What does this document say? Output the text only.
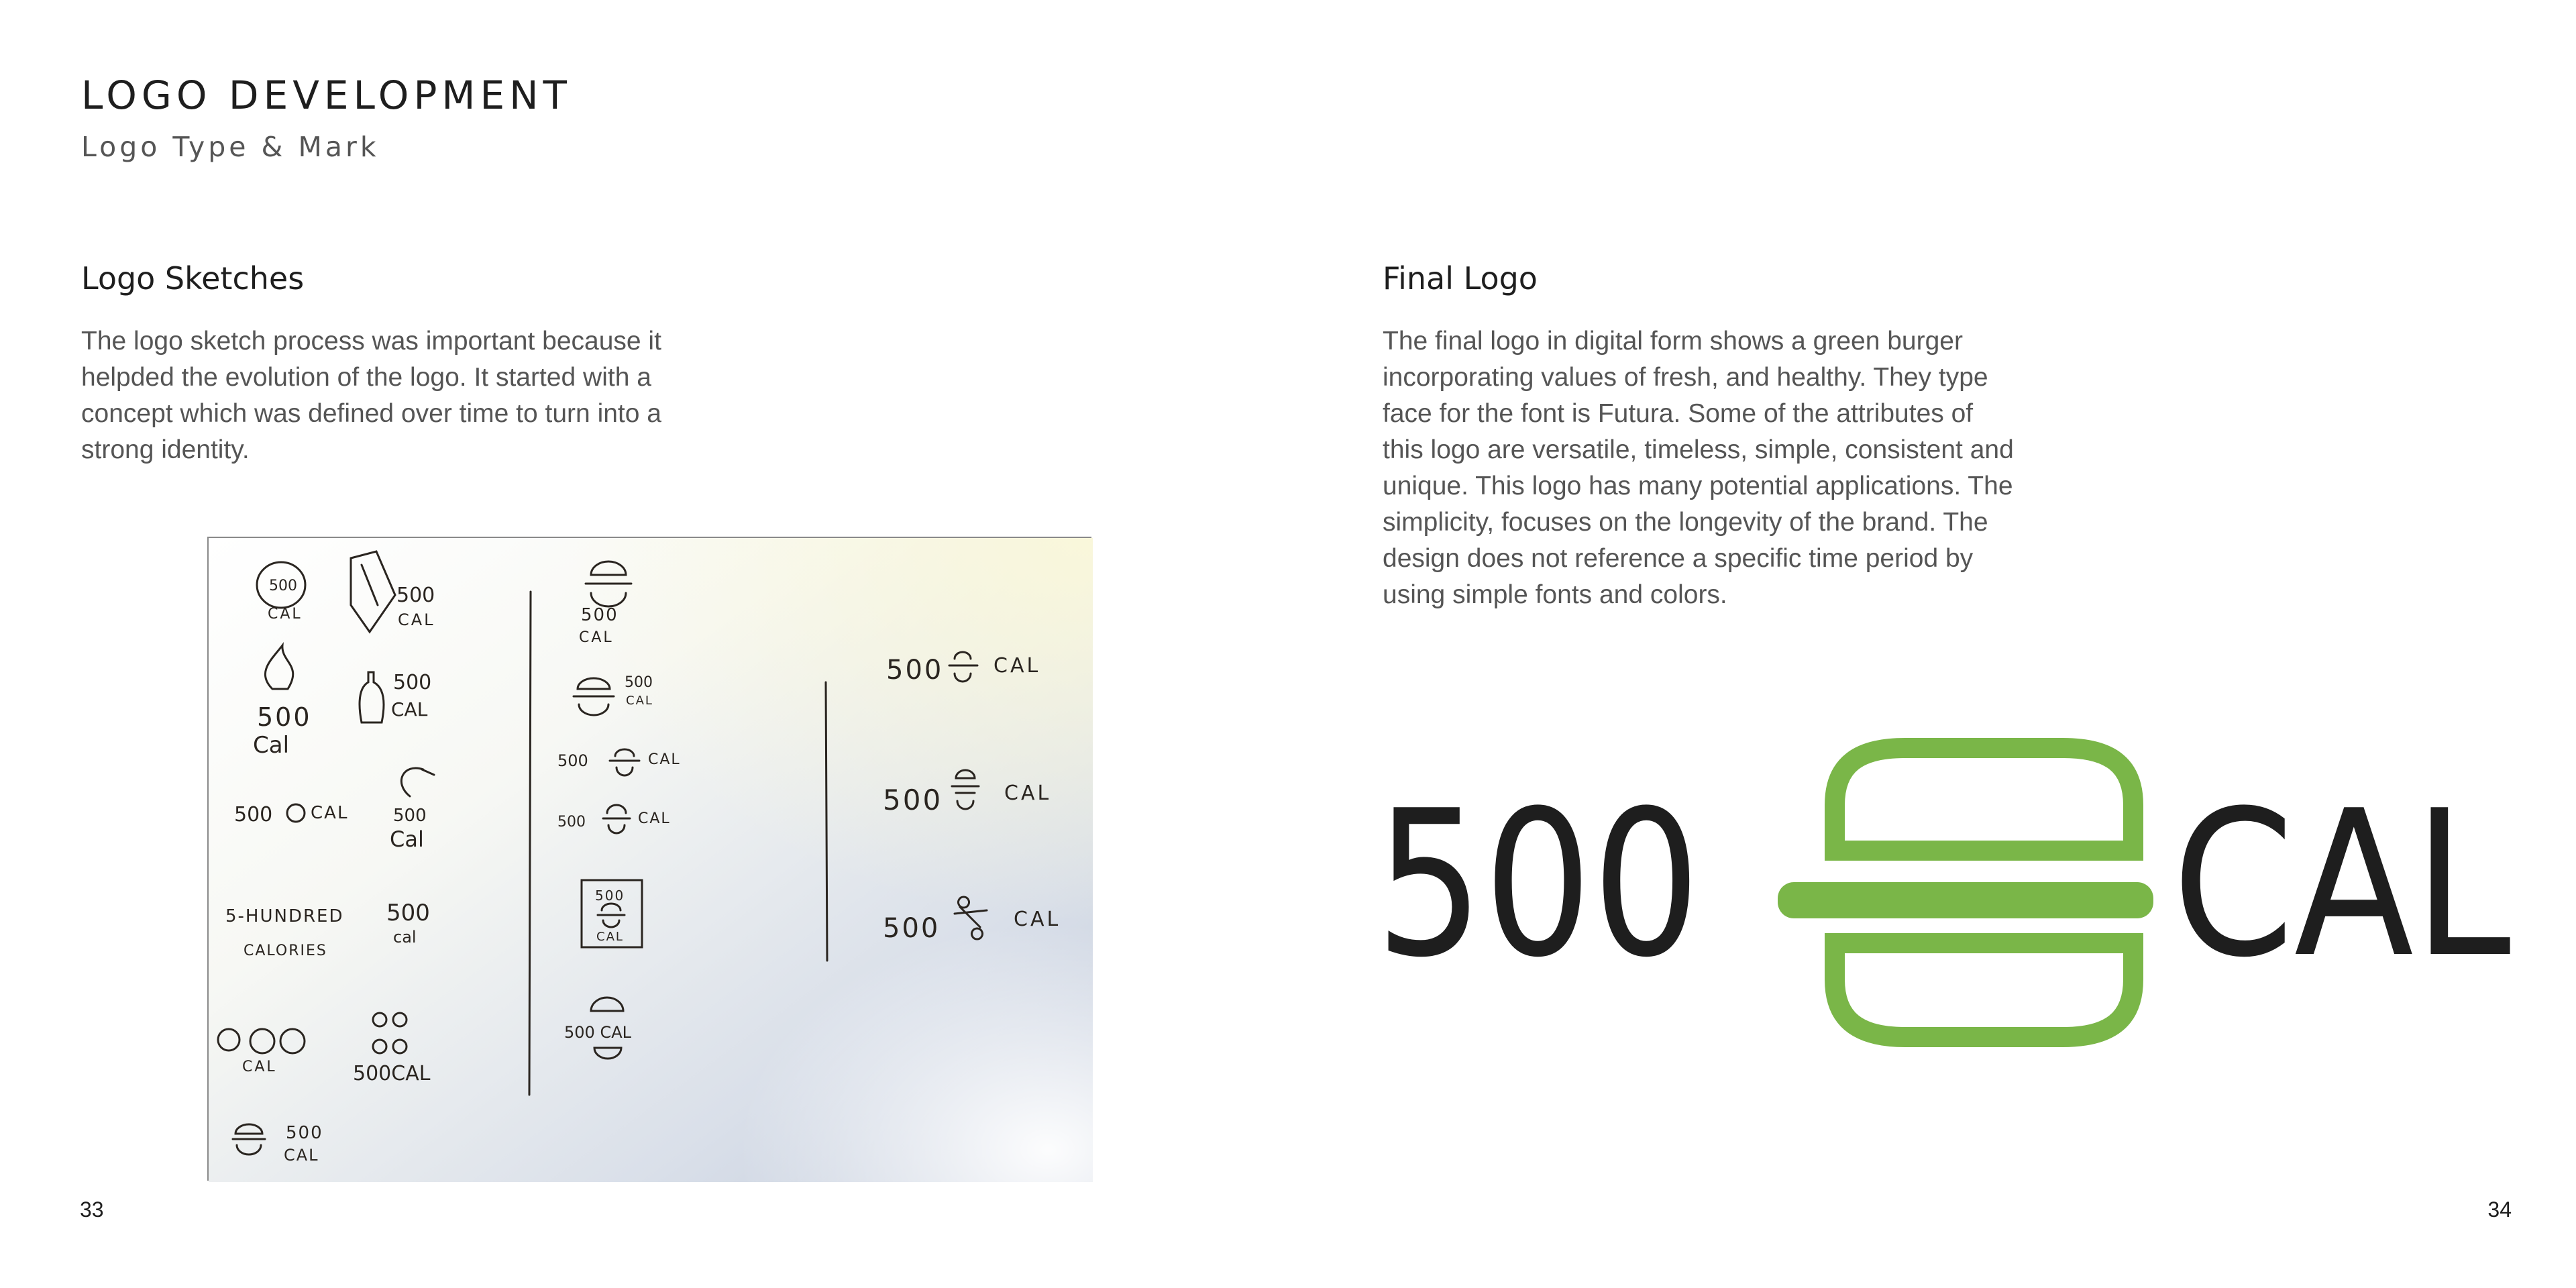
LOGO DEVELOPMENT
Logo Type & Mark
Logo Sketches
The logo sketch process was important because it
helpded the evolution of the logo. It started with a
concept which was defined over time to turn into a
strong identity.
500
CAL
500
CAL
500
Cal
500
CAL
500 CAL	500
Cal
5-HUNDRED
CALORIES
500
cal
CAL	500CAL
500
CAL
500
CAL
500
CAL
500	CAL
500	CAL
500
CAL
500 CAL
500 CAL
500	CAL
500	CAL
Final Logo
The final logo in digital form shows a green burger
incorporating values of fresh, and healthy. They type
face for the font is Futura. Some of the attributes of
this logo are versatile, timeless, simple, consistent and
unique. This logo has many potential applications. The
simplicity, focuses on the longevity of the brand. The
design does not reference a specific time period by
using simple fonts and colors.
500 CAL
33	34
